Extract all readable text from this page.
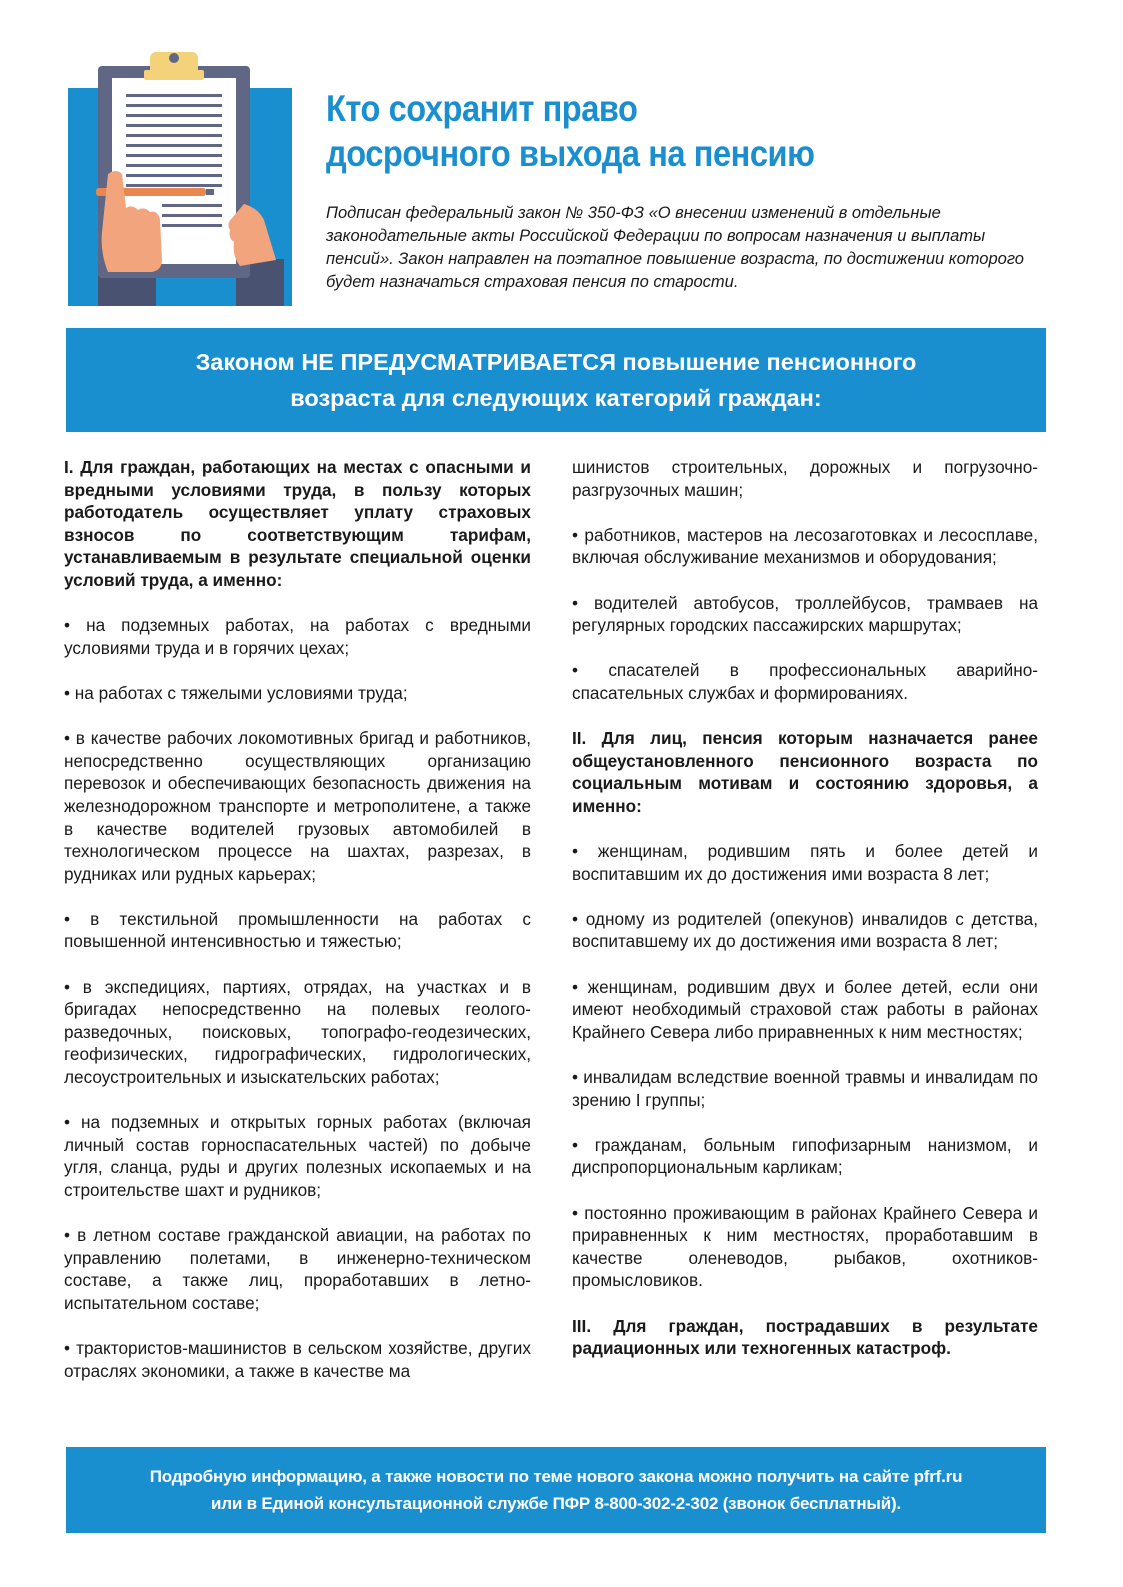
Кто сохранит право
досрочного выхода на пенсию

Подписан федеральный закон № 350-ФЗ «О внесении изменений в отдельные законодательные акты Российской Федерации по вопросам назначения и выплаты пенсий». Закон направлен на поэтапное повышение возраста, по достижении которого будет назначаться страховая пенсия по старости.

Законом НЕ ПРЕДУСМАТРИВАЕТСЯ повышение пенсионного
возраста для следующих категорий граждан:

I. Для граждан, работающих на местах с опасными и вредными условиями труда, в пользу которых работодатель осуществляет уплату страховых взносов по соответствующим тарифам, устанавливаемым в результате специальной оценки условий труда, а именно:

• на подземных работах, на работах с вредными условиями труда и в горячих цехах;

• на работах с тяжелыми условиями труда;

• в качестве рабочих локомотивных бригад и работников, непосредственно осуществляющих организацию перевозок и обеспечивающих безопасность движения на железнодорожном транспорте и метрополитене, а также в качестве водителей грузовых автомобилей в технологическом процессе на шахтах, разрезах, в рудниках или рудных карьерах;

• в текстильной промышленности на работах с повышенной интенсивностью и тяжестью;

• в экспедициях, партиях, отрядах, на участках и в бригадах непосредственно на полевых геолого-разведочных, поисковых, топографо-геодезических, геофизических, гидрографических, гидрологических, лесоустроительных и изыскательских работах;

• на подземных и открытых горных работах (включая личный состав горноспасательных частей) по добыче угля, сланца, руды и других полезных ископаемых и на строительстве шахт и рудников;

• в летном составе гражданской авиации, на работах по управлению полетами, в инженерно-техническом составе, а также лиц, проработавших в летно-испытательном составе;

• трактористов-машинистов в сельском хозяйстве, других отраслях экономики, а также в качестве ма

шинистов строительных, дорожных и погрузочно-разгрузочных машин;

• работников, мастеров на лесозаготовках и лесосплаве, включая обслуживание механизмов и оборудования;

• водителей автобусов, троллейбусов, трамваев на регулярных городских пассажирских маршрутах;

• спасателей в профессиональных аварийно-спасательных службах и формированиях.

II. Для лиц, пенсия которым назначается ранее общеустановленного пенсионного возраста по социальным мотивам и состоянию здоровья, а именно:

• женщинам, родившим пять и более детей и воспитавшим их до достижения ими возраста 8 лет;

• одному из родителей (опекунов) инвалидов с детства, воспитавшему их до достижения ими возраста 8 лет;

• женщинам, родившим двух и более детей, если они имеют необходимый страховой стаж работы в районах Крайнего Севера либо приравненных к ним местностях;

• инвалидам вследствие военной травмы и инвалидам по зрению I группы;

• гражданам, больным гипофизарным нанизмом, и диспропорциональным карликам;

• постоянно проживающим в районах Крайнего Севера и приравненных к ним местностях, проработавшим в качестве оленеводов, рыбаков, охотников-промысловиков.

III. Для граждан, пострадавших в результате радиационных или техногенных катастроф.

Подробную информацию, а также новости по теме нового закона можно получить на сайте pfrf.ru
или в Единой консультационной службе ПФР 8-800-302-2-302 (звонок бесплатный).
